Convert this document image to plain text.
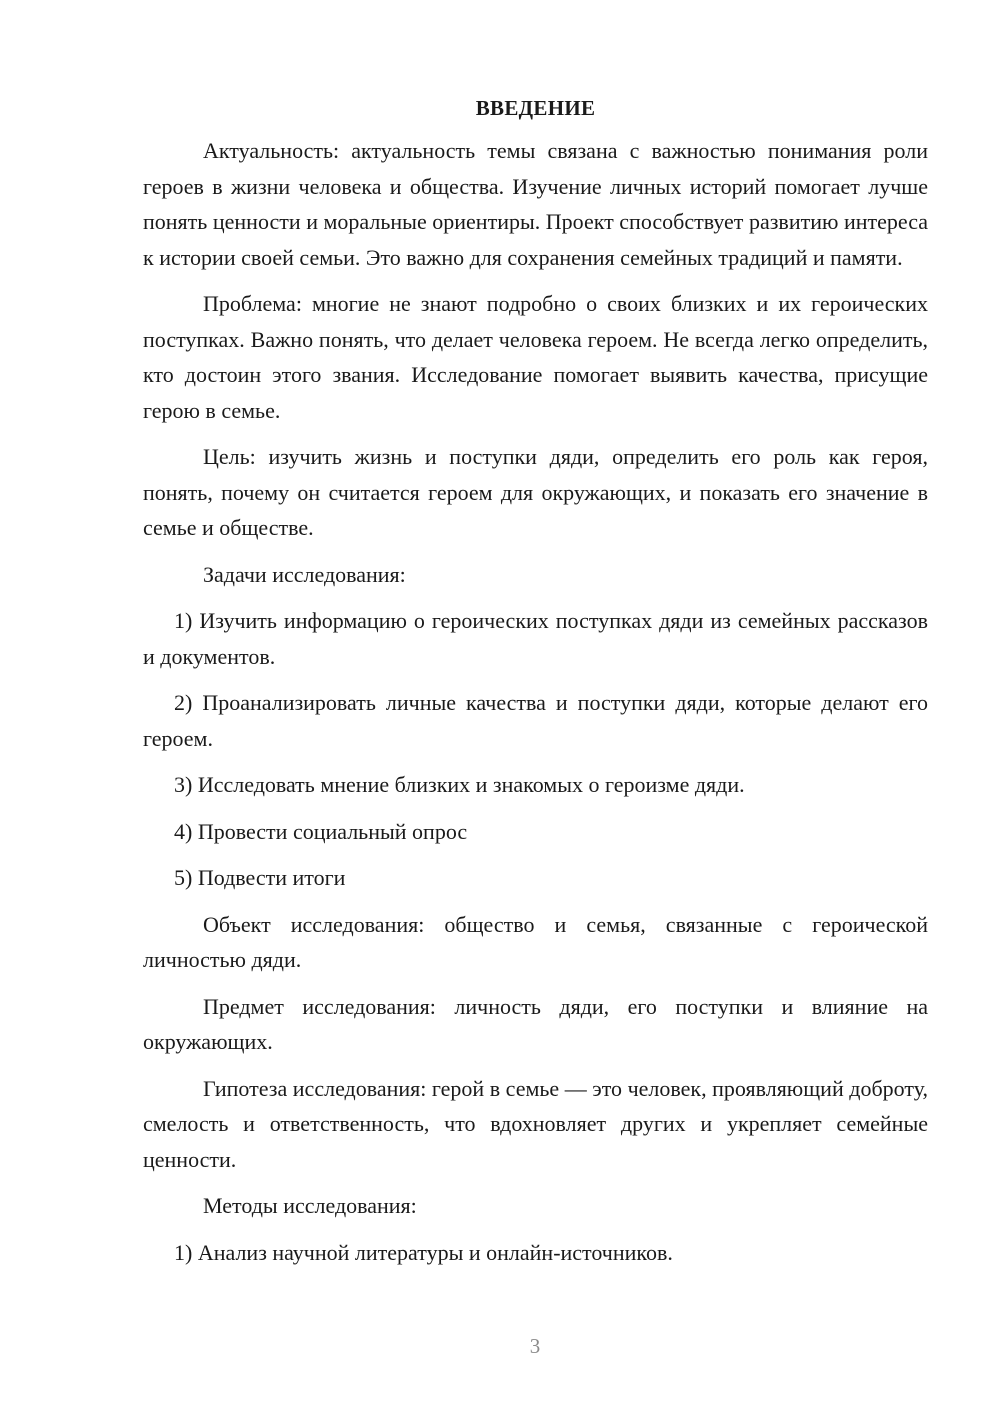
ВВЕДЕНИЕ

Актуальность: актуальность темы связана с важностью понимания роли героев в жизни человека и общества. Изучение личных историй помогает лучше понять ценности и моральные ориентиры. Проект способствует развитию интереса к истории своей семьи. Это важно для сохранения семейных традиций и памяти.

Проблема: многие не знают подробно о своих близких и их героических поступках. Важно понять, что делает человека героем. Не всегда легко определить, кто достоин этого звания. Исследование помогает выявить качества, присущие герою в семье.

Цель: изучить жизнь и поступки дяди, определить его роль как героя, понять, почему он считается героем для окружающих, и показать его значение в семье и обществе.

Задачи исследования:

1) Изучить информацию о героических поступках дяди из семейных рассказов и документов.

2) Проанализировать личные качества и поступки дяди, которые делают его героем.

3) Исследовать мнение близких и знакомых о героизме дяди.

4) Провести социальный опрос

5) Подвести итоги

Объект исследования: общество и семья, связанные с героической личностью дяди.

Предмет исследования: личность дяди, его поступки и влияние на окружающих.

Гипотеза исследования: герой в семье — это человек, проявляющий доброту, смелость и ответственность, что вдохновляет других и укрепляет семейные ценности.

Методы исследования:

1) Анализ научной литературы и онлайн-источников.

3
